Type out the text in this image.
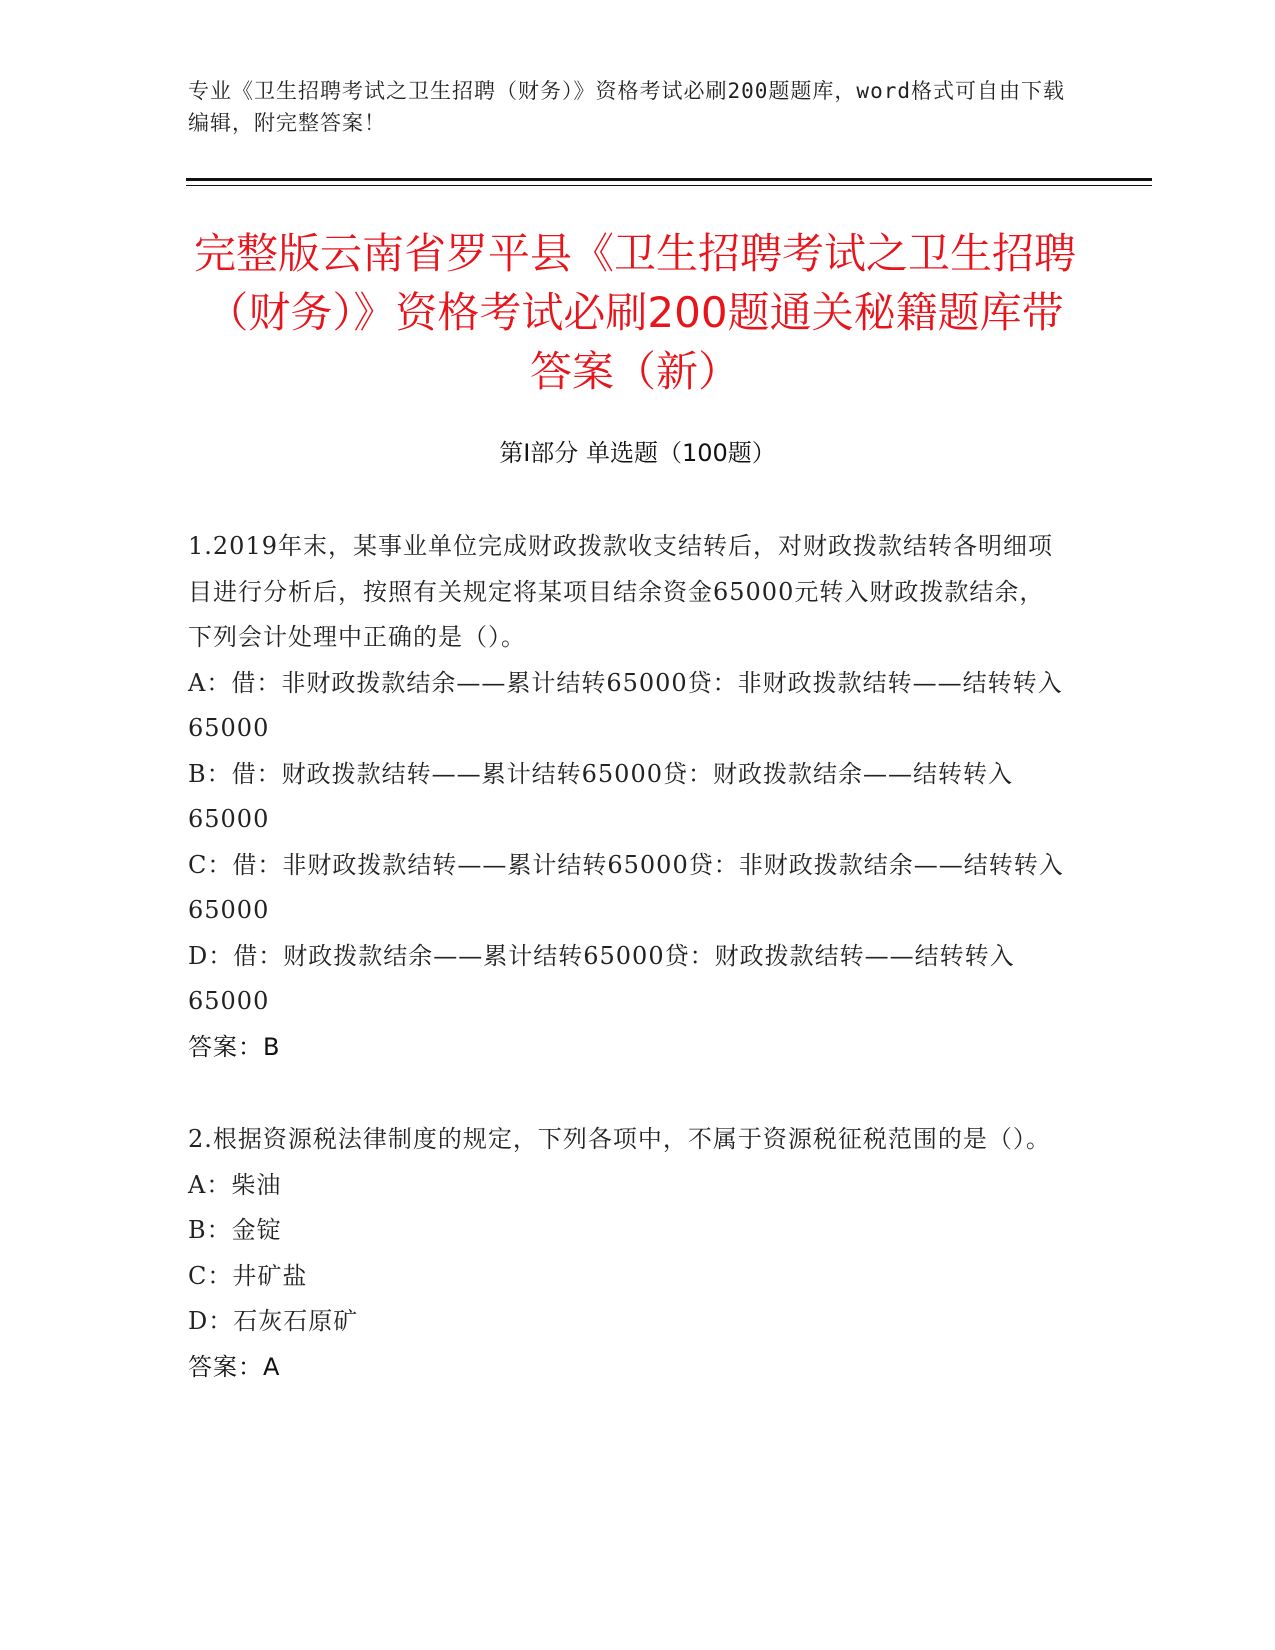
专业《卫生招聘考试之卫生招聘（财务）》资格考试必刷200题题库，word格式可自由下载编辑，附完整答案！
完整版云南省罗平县《卫生招聘考试之卫生招聘（财务）》资格考试必刷200题通关秘籍题库带答案（新）
第Ⅰ部分 单选题（100题）
1.2019年末，某事业单位完成财政拨款收支结转后，对财政拨款结转各明细项目进行分析后，按照有关规定将某项目结余资金65000元转入财政拨款结余，下列会计处理中正确的是（）。
A：借：非财政拨款结余——累计结转65000贷：非财政拨款结转——结转转入65000
B：借：财政拨款结转——累计结转65000贷：财政拨款结余——结转转入65000
C：借：非财政拨款结转——累计结转65000贷：非财政拨款结余——结转转入65000
D：借：财政拨款结余——累计结转65000贷：财政拨款结转——结转转入65000
答案：B
2.根据资源税法律制度的规定，下列各项中，不属于资源税征税范围的是（）。
A：柴油
B：金锭
C：井矿盐
D：石灰石原矿
答案：A
